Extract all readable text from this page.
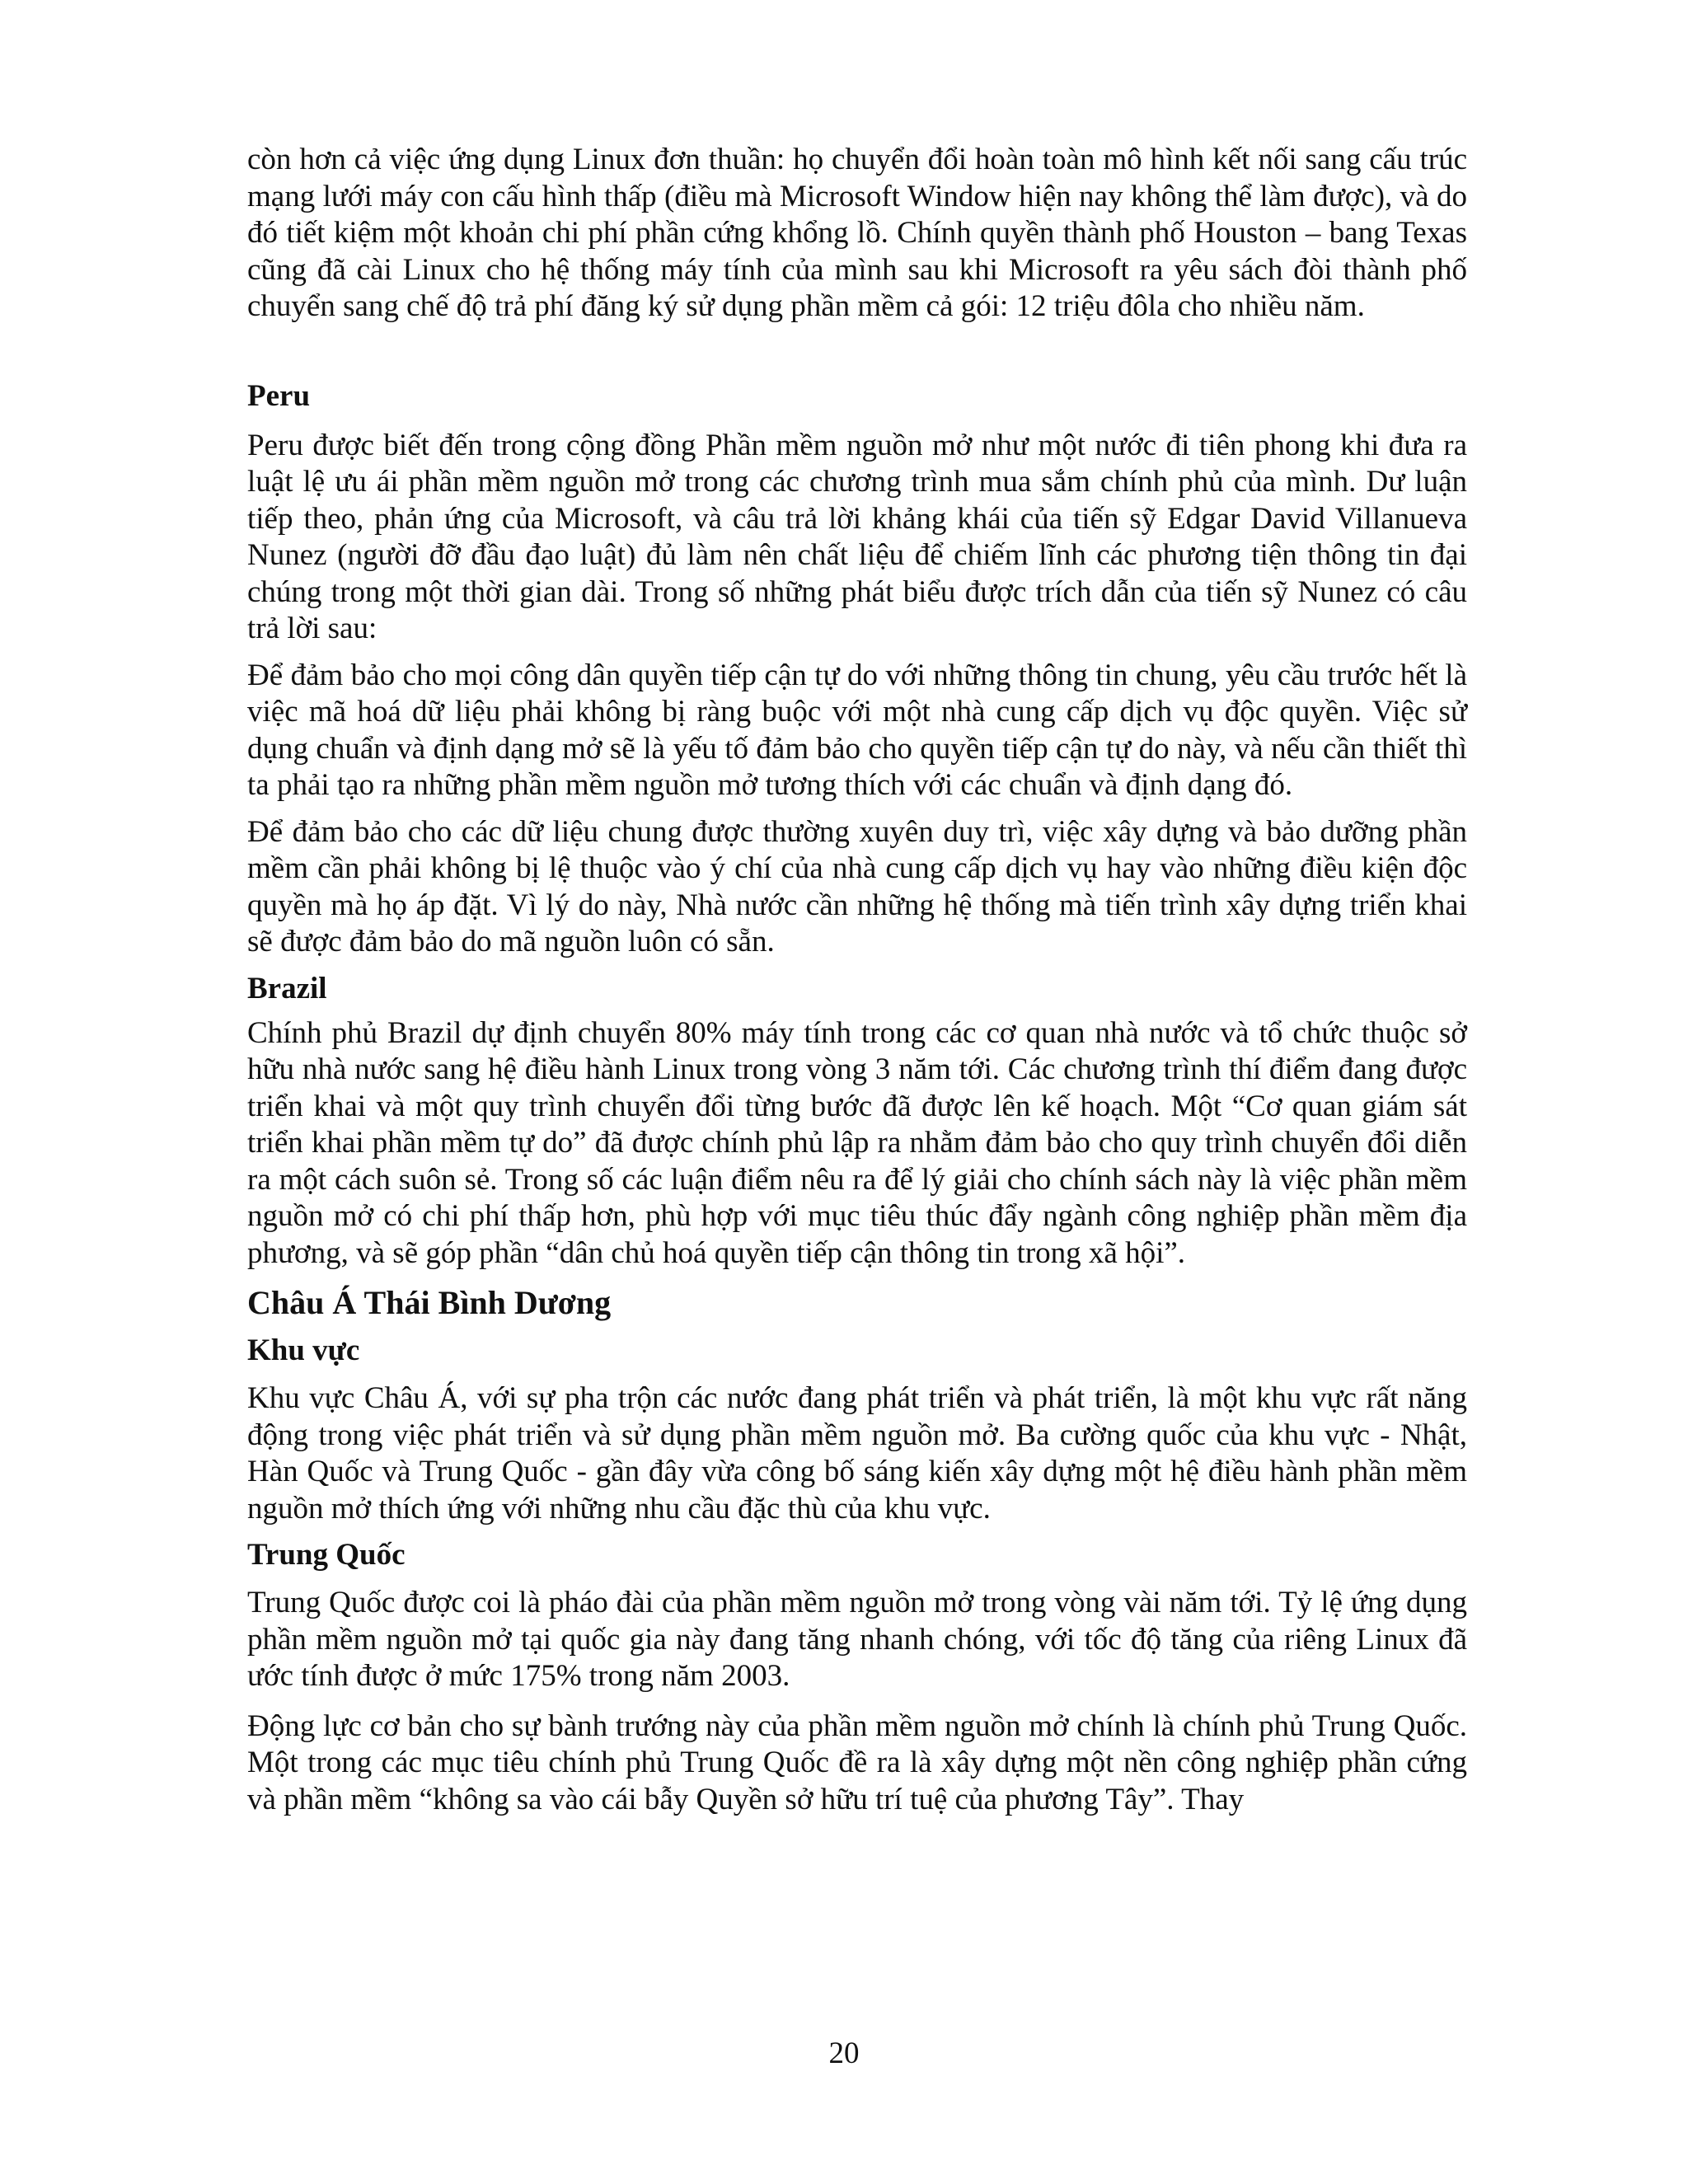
còn hơn cả việc ứng dụng Linux đơn thuần: họ chuyển đổi hoàn toàn mô hình kết nối sang cấu trúc mạng lưới máy con cấu hình thấp (điều mà Microsoft Window hiện nay không thể làm được), và do đó tiết kiệm một khoản chi phí phần cứng khổng lồ. Chính quyền thành phố Houston – bang Texas cũng đã cài Linux cho hệ thống máy tính của mình sau khi Microsoft ra yêu sách đòi thành phố chuyển sang chế độ trả phí đăng ký sử dụng phần mềm cả gói: 12 triệu đôla cho nhiều năm.

Peru

Peru được biết đến trong cộng đồng Phần mềm nguồn mở như một nước đi tiên phong khi đưa ra luật lệ ưu ái phần mềm nguồn mở trong các chương trình mua sắm chính phủ của mình. Dư luận tiếp theo, phản ứng của Microsoft, và câu trả lời khảng khái của tiến sỹ Edgar David Villanueva Nunez (người đỡ đầu đạo luật) đủ làm nên chất liệu để chiếm lĩnh các phương tiện thông tin đại chúng trong một thời gian dài. Trong số những phát biểu được trích dẫn của tiến sỹ Nunez có câu trả lời sau:

Để đảm bảo cho mọi công dân quyền tiếp cận tự do với những thông tin chung, yêu cầu trước hết là việc mã hoá dữ liệu phải không bị ràng buộc với một nhà cung cấp dịch vụ độc quyền. Việc sử dụng chuẩn và định dạng mở sẽ là yếu tố đảm bảo cho quyền tiếp cận tự do này, và nếu cần thiết thì ta phải tạo ra những phần mềm nguồn mở tương thích với các chuẩn và định dạng đó.

Để đảm bảo cho các dữ liệu chung được thường xuyên duy trì, việc xây dựng và bảo dưỡng phần mềm cần phải không bị lệ thuộc vào ý chí của nhà cung cấp dịch vụ hay vào những điều kiện độc quyền mà họ áp đặt. Vì lý do này, Nhà nước cần những hệ thống mà tiến trình xây dựng triển khai sẽ được đảm bảo do mã nguồn luôn có sẵn.

Brazil

Chính phủ Brazil dự định chuyển 80% máy tính trong các cơ quan nhà nước và tổ chức thuộc sở hữu nhà nước sang hệ điều hành Linux trong vòng 3 năm tới. Các chương trình thí điểm đang được triển khai và một quy trình chuyển đổi từng bước đã được lên kế hoạch. Một “Cơ quan giám sát triển khai phần mềm tự do” đã được chính phủ lập ra nhằm đảm bảo cho quy trình chuyển đổi diễn ra một cách suôn sẻ. Trong số các luận điểm nêu ra để lý giải cho chính sách này là việc phần mềm nguồn mở có chi phí thấp hơn, phù hợp với mục tiêu thúc đẩy ngành công nghiệp phần mềm địa phương, và sẽ góp phần “dân chủ hoá quyền tiếp cận thông tin trong xã hội”.

Châu Á Thái Bình Dương
Khu vực

Khu vực Châu Á, với sự pha trộn các nước đang phát triển và phát triển, là một khu vực rất năng động trong việc phát triển và sử dụng phần mềm nguồn mở. Ba cường quốc của khu vực - Nhật, Hàn Quốc và Trung Quốc - gần đây vừa công bố sáng kiến xây dựng một hệ điều hành phần mềm nguồn mở thích ứng với những nhu cầu đặc thù của khu vực.

Trung Quốc

Trung Quốc được coi là pháo đài của phần mềm nguồn mở trong vòng vài năm tới. Tỷ lệ ứng dụng phần mềm nguồn mở tại quốc gia này đang tăng nhanh chóng, với tốc độ tăng của riêng Linux đã ước tính được ở mức 175% trong năm 2003.

Động lực cơ bản cho sự bành trướng này của phần mềm nguồn mở chính là chính phủ Trung Quốc. Một trong các mục tiêu chính phủ Trung Quốc đề ra là xây dựng một nền công nghiệp phần cứng và phần mềm “không sa vào cái bẫy Quyền sở hữu trí tuệ của phương Tây”. Thay

20
